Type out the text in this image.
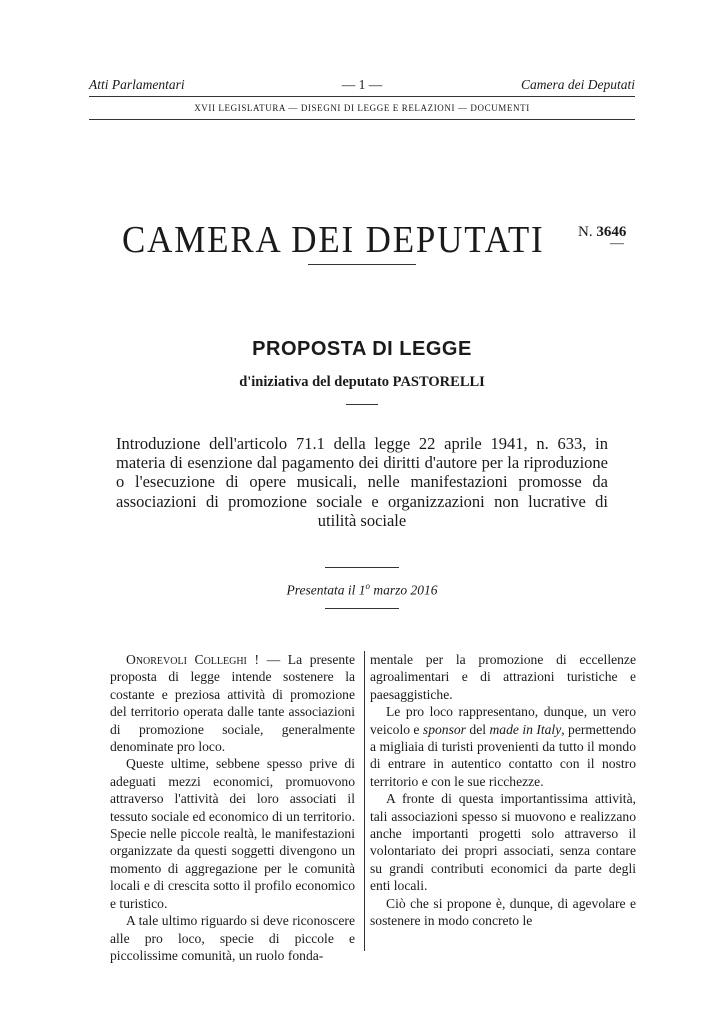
Atti Parlamentari	— 1 —	Camera dei Deputati
XVII LEGISLATURA — DISEGNI DI LEGGE E RELAZIONI — DOCUMENTI
CAMERA DEI DEPUTATI N. 3646
—
PROPOSTA DI LEGGE
d'iniziativa del deputato PASTORELLI
Introduzione dell'articolo 71.1 della legge 22 aprile 1941, n. 633, in materia di esenzione dal pagamento dei diritti d'autore per la riproduzione o l'esecuzione di opere musicali, nelle manifestazioni promosse da associazioni di promozione sociale e organizzazioni non lucrative di utilità sociale
Presentata il 1$^o$ marzo 2016

Onorevoli Colleghi ! — La presente proposta di legge intende sostenere la costante e preziosa attività di promozione del territorio operata dalle tante associazioni di promozione sociale, generalmente denominate pro loco.

Queste ultime, sebbene spesso prive di adeguati mezzi economici, promuovono attraverso l'attività dei loro associati il tessuto sociale ed economico di un territorio. Specie nelle piccole realtà, le manifestazioni organizzate da questi soggetti divengono un momento di aggregazione per le comunità locali e di crescita sotto il profilo economico e turistico.

A tale ultimo riguardo si deve riconoscere alle pro loco, specie di piccole e piccolissime comunità, un ruolo fonda-

mentale per la promozione di eccellenze agroalimentari e di attrazioni turistiche e paesaggistiche.

Le pro loco rappresentano, dunque, un vero veicolo e sponsor del made in Italy, permettendo a migliaia di turisti provenienti da tutto il mondo di entrare in autentico contatto con il nostro territorio e con le sue ricchezze.

A fronte di questa importantissima attività, tali associazioni spesso si muovono e realizzano anche importanti progetti solo attraverso il volontariato dei propri associati, senza contare su grandi contributi economici da parte degli enti locali.

Ciò che si propone è, dunque, di agevolare e sostenere in modo concreto le
